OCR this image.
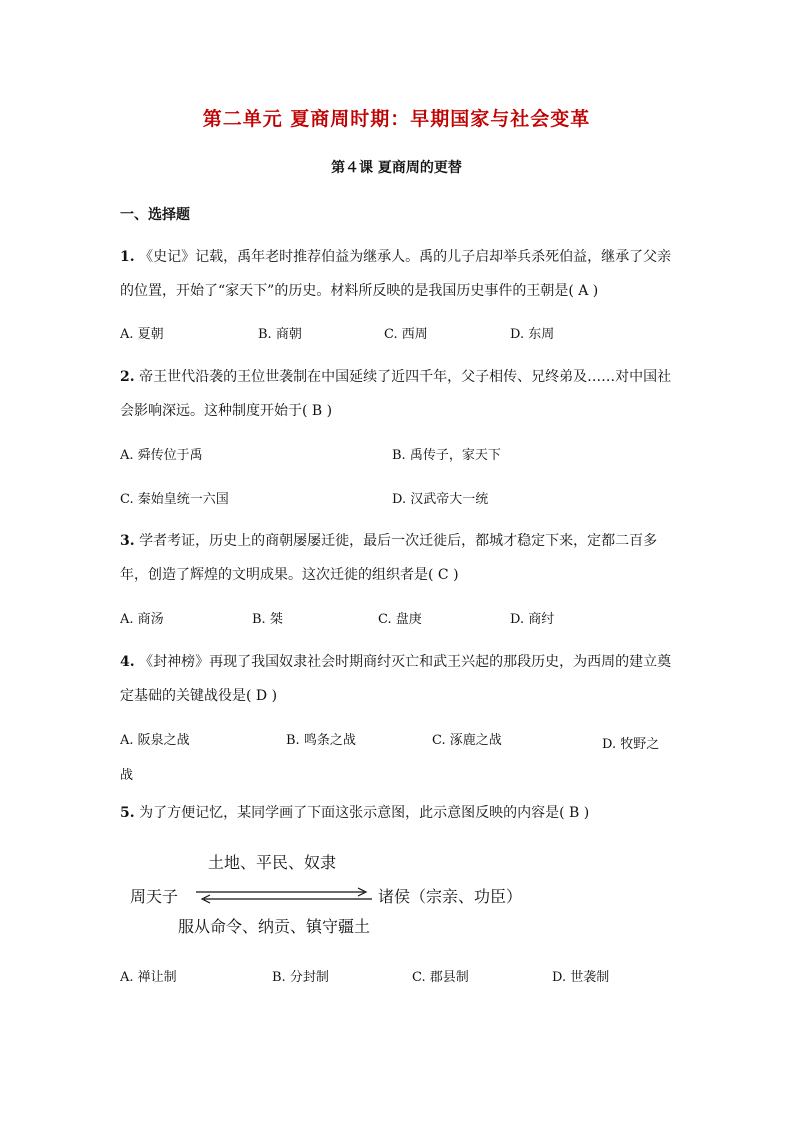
第二单元 夏商周时期：早期国家与社会变革
第４课 夏商周的更替
一、选择题
1. 《史记》记载，禹年老时推荐伯益为继承人。禹的儿子启却举兵杀死伯益，继承了父亲的位置，开始了“家天下”的历史。材料所反映的是我国历史事件的王朝是( A )
A. 夏朝	B. 商朝	C. 西周	D. 东周
2. 帝王世代沿袭的王位世袭制在中国延续了近四千年，父子相传、兄终弟及……对中国社会影响深远。这种制度开始于( B )
A. 舜传位于禹	B. 禹传子，家天下
C. 秦始皇统一六国	D. 汉武帝大一统
3. 学者考证，历史上的商朝屡屡迁徙，最后一次迁徙后，都城才稳定下来，定都二百多年，创造了辉煌的文明成果。这次迁徙的组织者是( C )
A. 商汤	B. 桀	C. 盘庚	D. 商纣
4. 《封神榜》再现了我国奴隶社会时期商纣灭亡和武王兴起的那段历史，为西周的建立奠定基础的关键战役是( D )
A. 阪泉之战	B. 鸣条之战	C. 涿鹿之战	D. 牧野之战
5. 为了方便记忆，某同学画了下面这张示意图，此示意图反映的内容是( B )
土地、平民、奴隶
周天子	诸侯（宗亲、功臣）
服从命令、纳贡、镇守疆土
A. 禅让制	B. 分封制	C. 郡县制	D. 世袭制
